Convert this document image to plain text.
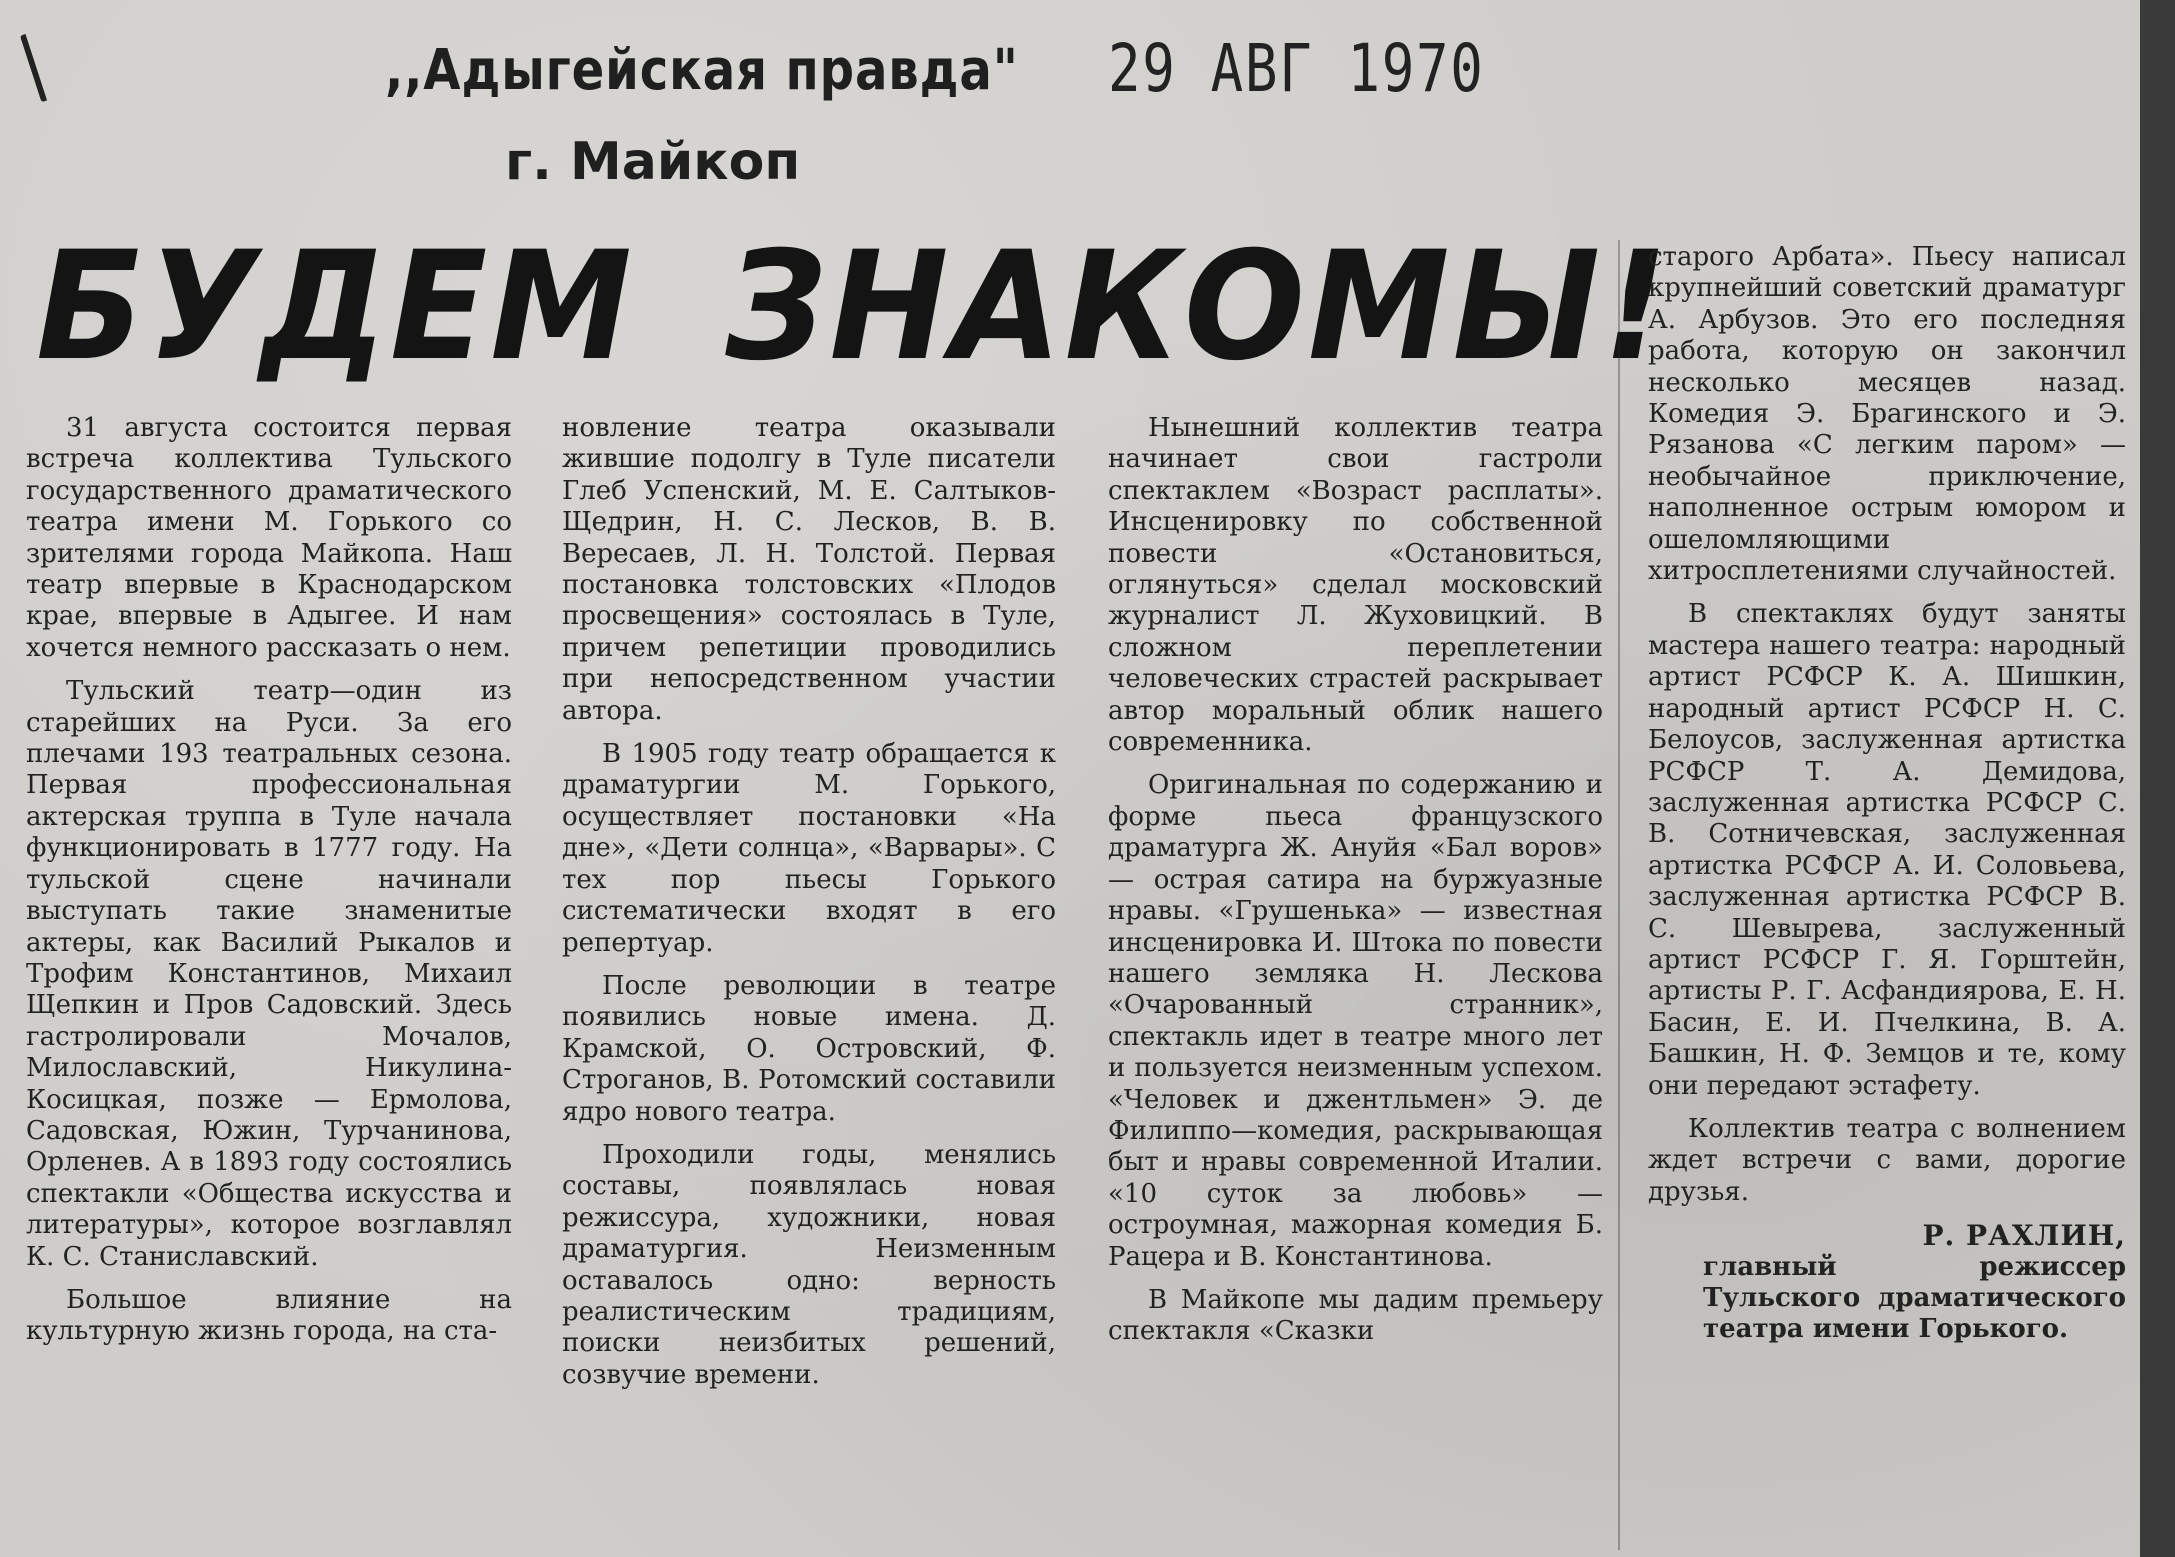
,,Адыгейская правда"
г. Майкоп
29 АВГ 1970
БУДЕМ ЗНАКОМЫ!

31 августа состоится первая встреча коллектива Тульского государственного драматического театра имени М. Горького со зрителями города Майкопа. Наш театр впервые в Краснодарском крае, впервые в Адыгее. И нам хочется немного рассказать о нем.

Тульский театр—один из старейших на Руси. За его плечами 193 театральных сезона. Первая профессиональная актерская труппа в Туле начала функционировать в 1777 году. На тульской сцене начинали выступать такие знаменитые актеры, как Василий Рыкалов и Трофим Константинов, Михаил Щепкин и Пров Садовский. Здесь гастролировали Мочалов, Милославский, Никулина-Косицкая, позже — Ермолова, Садовская, Южин, Турчанинова, Орленев. А в 1893 году состоялись спектакли «Общества искусства и литературы», которое возглавлял К. С. Станиславский.

Большое влияние на культурную жизнь города, на ста-

новление театра оказывали жившие подолгу в Туле писатели Глеб Успенский, М. Е. Салтыков-Щедрин, Н. С. Лесков, В. В. Вересаев, Л. Н. Толстой. Первая постановка толстовских «Плодов просвещения» состоялась в Туле, причем репетиции проводились при непосредственном участии автора.

В 1905 году театр обращается к драматургии М. Горького, осуществляет постановки «На дне», «Дети солнца», «Варвары». С тех пор пьесы Горького систематически входят в его репертуар.

После революции в театре появились новые имена. Д. Крамской, О. Островский, Ф. Строганов, В. Ротомский составили ядро нового театра.

Проходили годы, менялись составы, появлялась новая режиссура, художники, новая драматургия. Неизменным оставалось одно: верность реалистическим традициям, поиски неизбитых решений, созвучие времени.

Нынешний коллектив театра начинает свои гастроли спектаклем «Возраст расплаты». Инсценировку по собственной повести «Остановиться, оглянуться» сделал московский журналист Л. Жуховицкий. В сложном переплетении человеческих страстей раскрывает автор моральный облик нашего современника.

Оригинальная по содержанию и форме пьеса французского драматурга Ж. Ануйя «Бал воров» — острая сатира на буржуазные нравы. «Грушенька» — известная инсценировка И. Штока по повести нашего земляка Н. Лескова «Очарованный странник», спектакль идет в театре много лет и пользуется неизменным успехом. «Человек и джентльмен» Э. де Филиппо—комедия, раскрывающая быт и нравы современной Италии. «10 суток за любовь» — остроумная, мажорная комедия Б. Рацера и В. Константинова.

В Майкопе мы дадим премьеру спектакля «Сказки

старого Арбата». Пьесу написал крупнейший советский драматург А. Арбузов. Это его последняя работа, которую он закончил несколько месяцев назад. Комедия Э. Брагинского и Э. Рязанова «С легким паром» — необычайное приключение, наполненное острым юмором и ошеломляющими хитросплетениями случайностей.

В спектаклях будут заняты мастера нашего театра: народный артист РСФСР К. А. Шишкин, народный артист РСФСР Н. С. Белоусов, заслуженная артистка РСФСР Т. А. Демидова, заслуженная артистка РСФСР С. В. Сотничевская, заслуженная артистка РСФСР А. И. Соловьева, заслуженная артистка РСФСР В. С. Шевырева, заслуженный артист РСФСР Г. Я. Горштейн, артисты Р. Г. Асфандиярова, Е. Н. Басин, Е. И. Пчелкина, В. А. Башкин, Н. Ф. Земцов и те, кому они передают эстафету.

Коллектив театра с волнением ждет встречи с вами, дорогие друзья.

Р. РАХЛИН,
главный режиссер Тульского драматического театра имени Горького.
